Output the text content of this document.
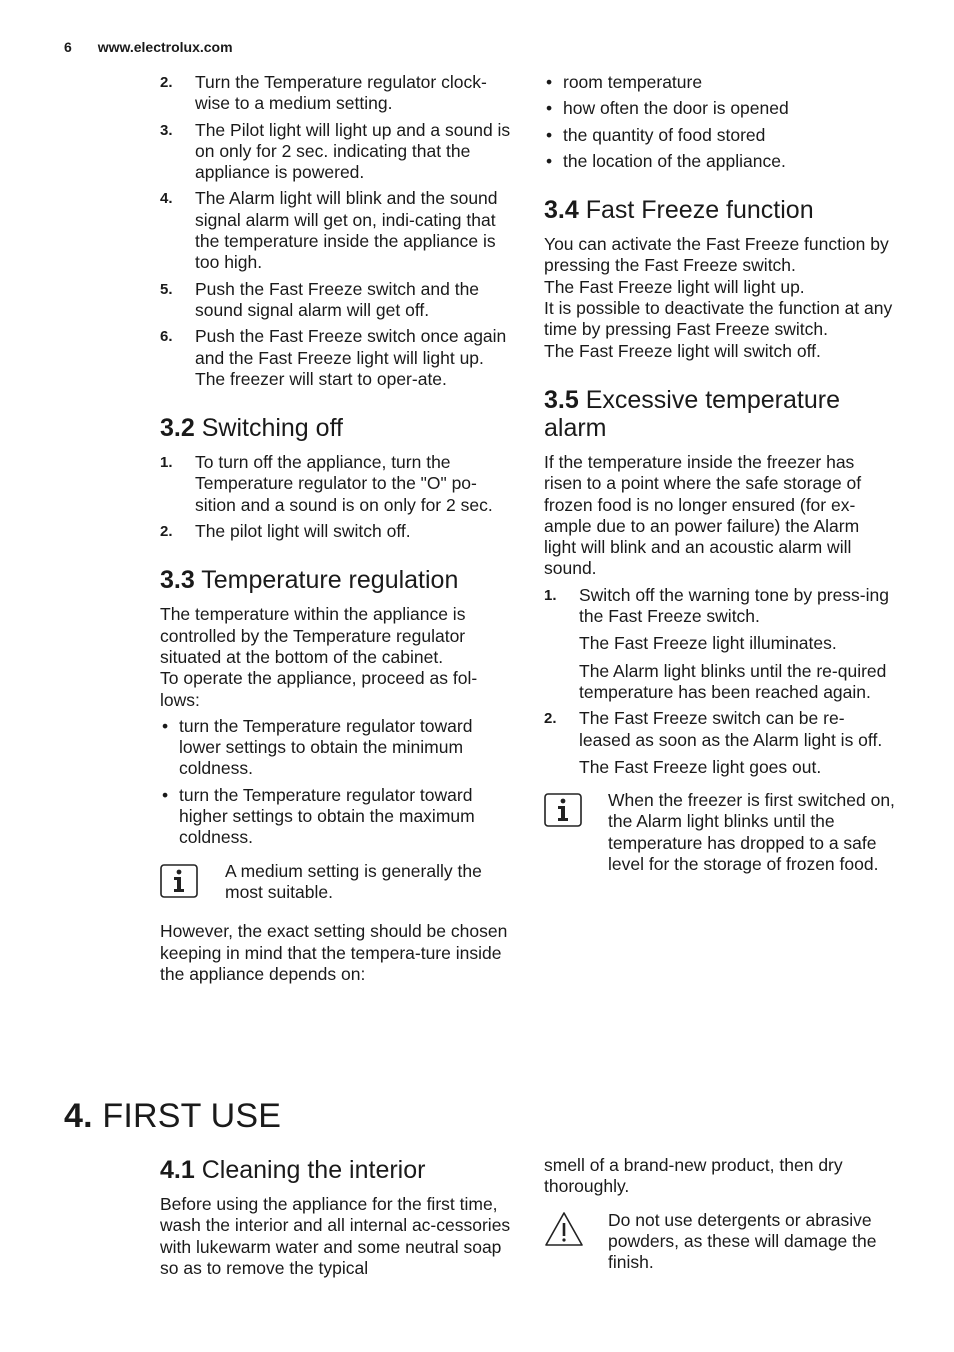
6 www.electrolux.com
2. Turn the Temperature regulator clock-wise to a medium setting.
3. The Pilot light will light up and a sound is on only for 2 sec. indicating that the appliance is powered.
4. The Alarm light will blink and the sound signal alarm will get on, indi-cating that the temperature inside the appliance is too high.
5. Push the Fast Freeze switch and the sound signal alarm will get off.
6. Push the Fast Freeze switch once again and the Fast Freeze light will light up. The freezer will start to oper-ate.
3.2 Switching off
1. To turn off the appliance, turn the Temperature regulator to the "O" po-sition and a sound is on only for 2 sec.
2. The pilot light will switch off.
3.3 Temperature regulation

The temperature within the appliance is controlled by the Temperature regulator situated at the bottom of the cabinet.

To operate the appliance, proceed as fol-lows:

• turn the Temperature regulator toward lower settings to obtain the minimum coldness.
• turn the Temperature regulator toward higher settings to obtain the maximum coldness.

A medium setting is generally the most suitable.

However, the exact setting should be chosen keeping in mind that the tempera-ture inside the appliance depends on:

• room temperature
• how often the door is opened
• the quantity of food stored
• the location of the appliance.
3.4 Fast Freeze function

You can activate the Fast Freeze function by pressing the Fast Freeze switch.

The Fast Freeze light will light up.

It is possible to deactivate the function at any time by pressing Fast Freeze switch.

The Fast Freeze light will switch off.

3.5 Excessive temperature alarm

If the temperature inside the freezer has risen to a point where the safe storage of frozen food is no longer ensured (for ex-ample due to an power failure) the Alarm light will blink and an acoustic alarm will sound.

1. Switch off the warning tone by press-ing the Fast Freeze switch.

The Fast Freeze light illuminates.

The Alarm light blinks until the re-quired temperature has been reached again.

2. The Fast Freeze switch can be re-leased as soon as the Alarm light is off.

The Fast Freeze light goes out.

When the freezer is first switched on, the Alarm light blinks until the temperature has dropped to a safe level for the storage of frozen food.

4. FIRST USE
4.1 Cleaning the interior

Before using the appliance for the first time, wash the interior and all internal ac-cessories with lukewarm water and some neutral soap so as to remove the typical

smell of a brand-new product, then dry thoroughly.

Do not use detergents or abrasive powders, as these will damage the finish.
